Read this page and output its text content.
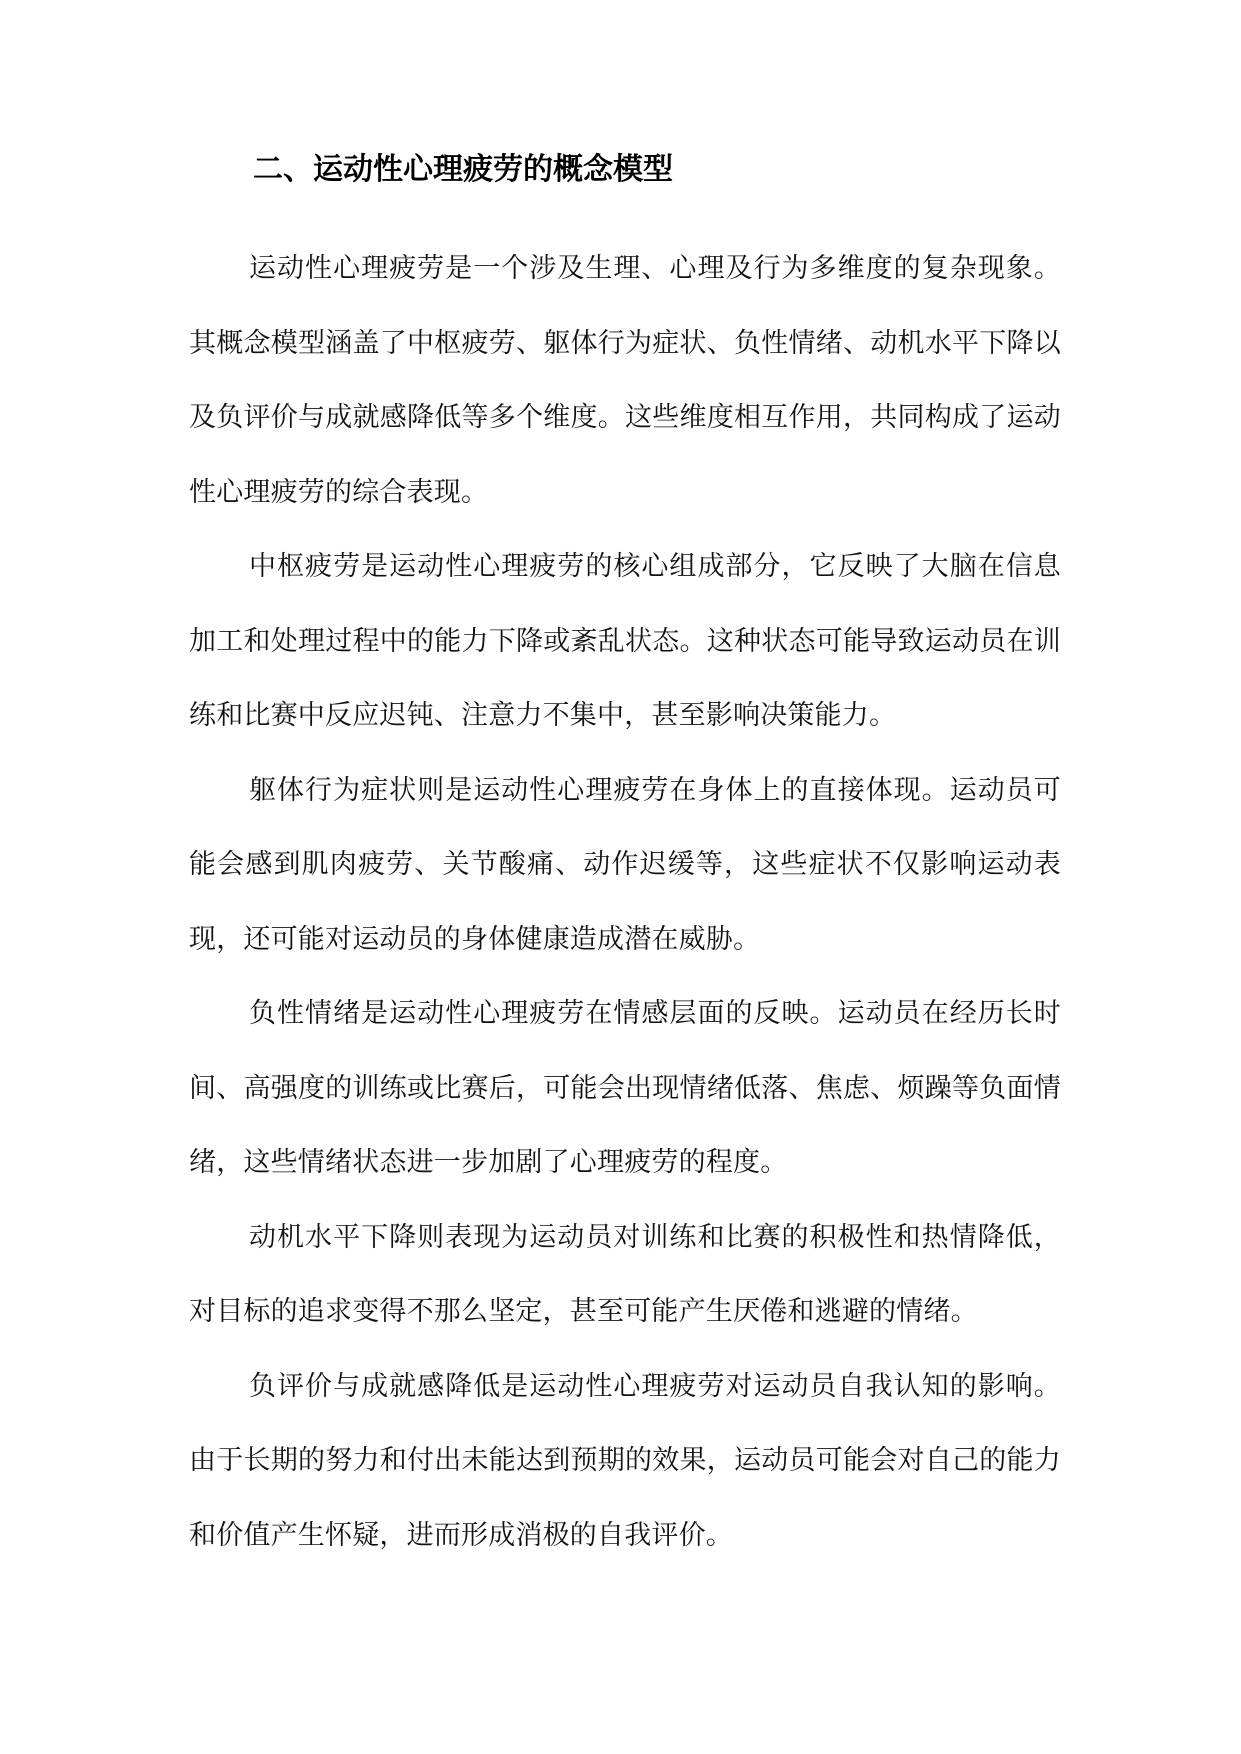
二、运动性心理疲劳的概念模型

运动性心理疲劳是一个涉及生理、心理及行为多维度的复杂现象。其概念模型涵盖了中枢疲劳、躯体行为症状、负性情绪、动机水平下降以及负评价与成就感降低等多个维度。这些维度相互作用，共同构成了运动性心理疲劳的综合表现。

中枢疲劳是运动性心理疲劳的核心组成部分，它反映了大脑在信息加工和处理过程中的能力下降或紊乱状态。这种状态可能导致运动员在训练和比赛中反应迟钝、注意力不集中，甚至影响决策能力。

躯体行为症状则是运动性心理疲劳在身体上的直接体现。运动员可能会感到肌肉疲劳、关节酸痛、动作迟缓等，这些症状不仅影响运动表现，还可能对运动员的身体健康造成潜在威胁。

负性情绪是运动性心理疲劳在情感层面的反映。运动员在经历长时间、高强度的训练或比赛后，可能会出现情绪低落、焦虑、烦躁等负面情绪，这些情绪状态进一步加剧了心理疲劳的程度。

动机水平下降则表现为运动员对训练和比赛的积极性和热情降低，对目标的追求变得不那么坚定，甚至可能产生厌倦和逃避的情绪。

负评价与成就感降低是运动性心理疲劳对运动员自我认知的影响。由于长期的努力和付出未能达到预期的效果，运动员可能会对自己的能力和价值产生怀疑，进而形成消极的自我评价。
